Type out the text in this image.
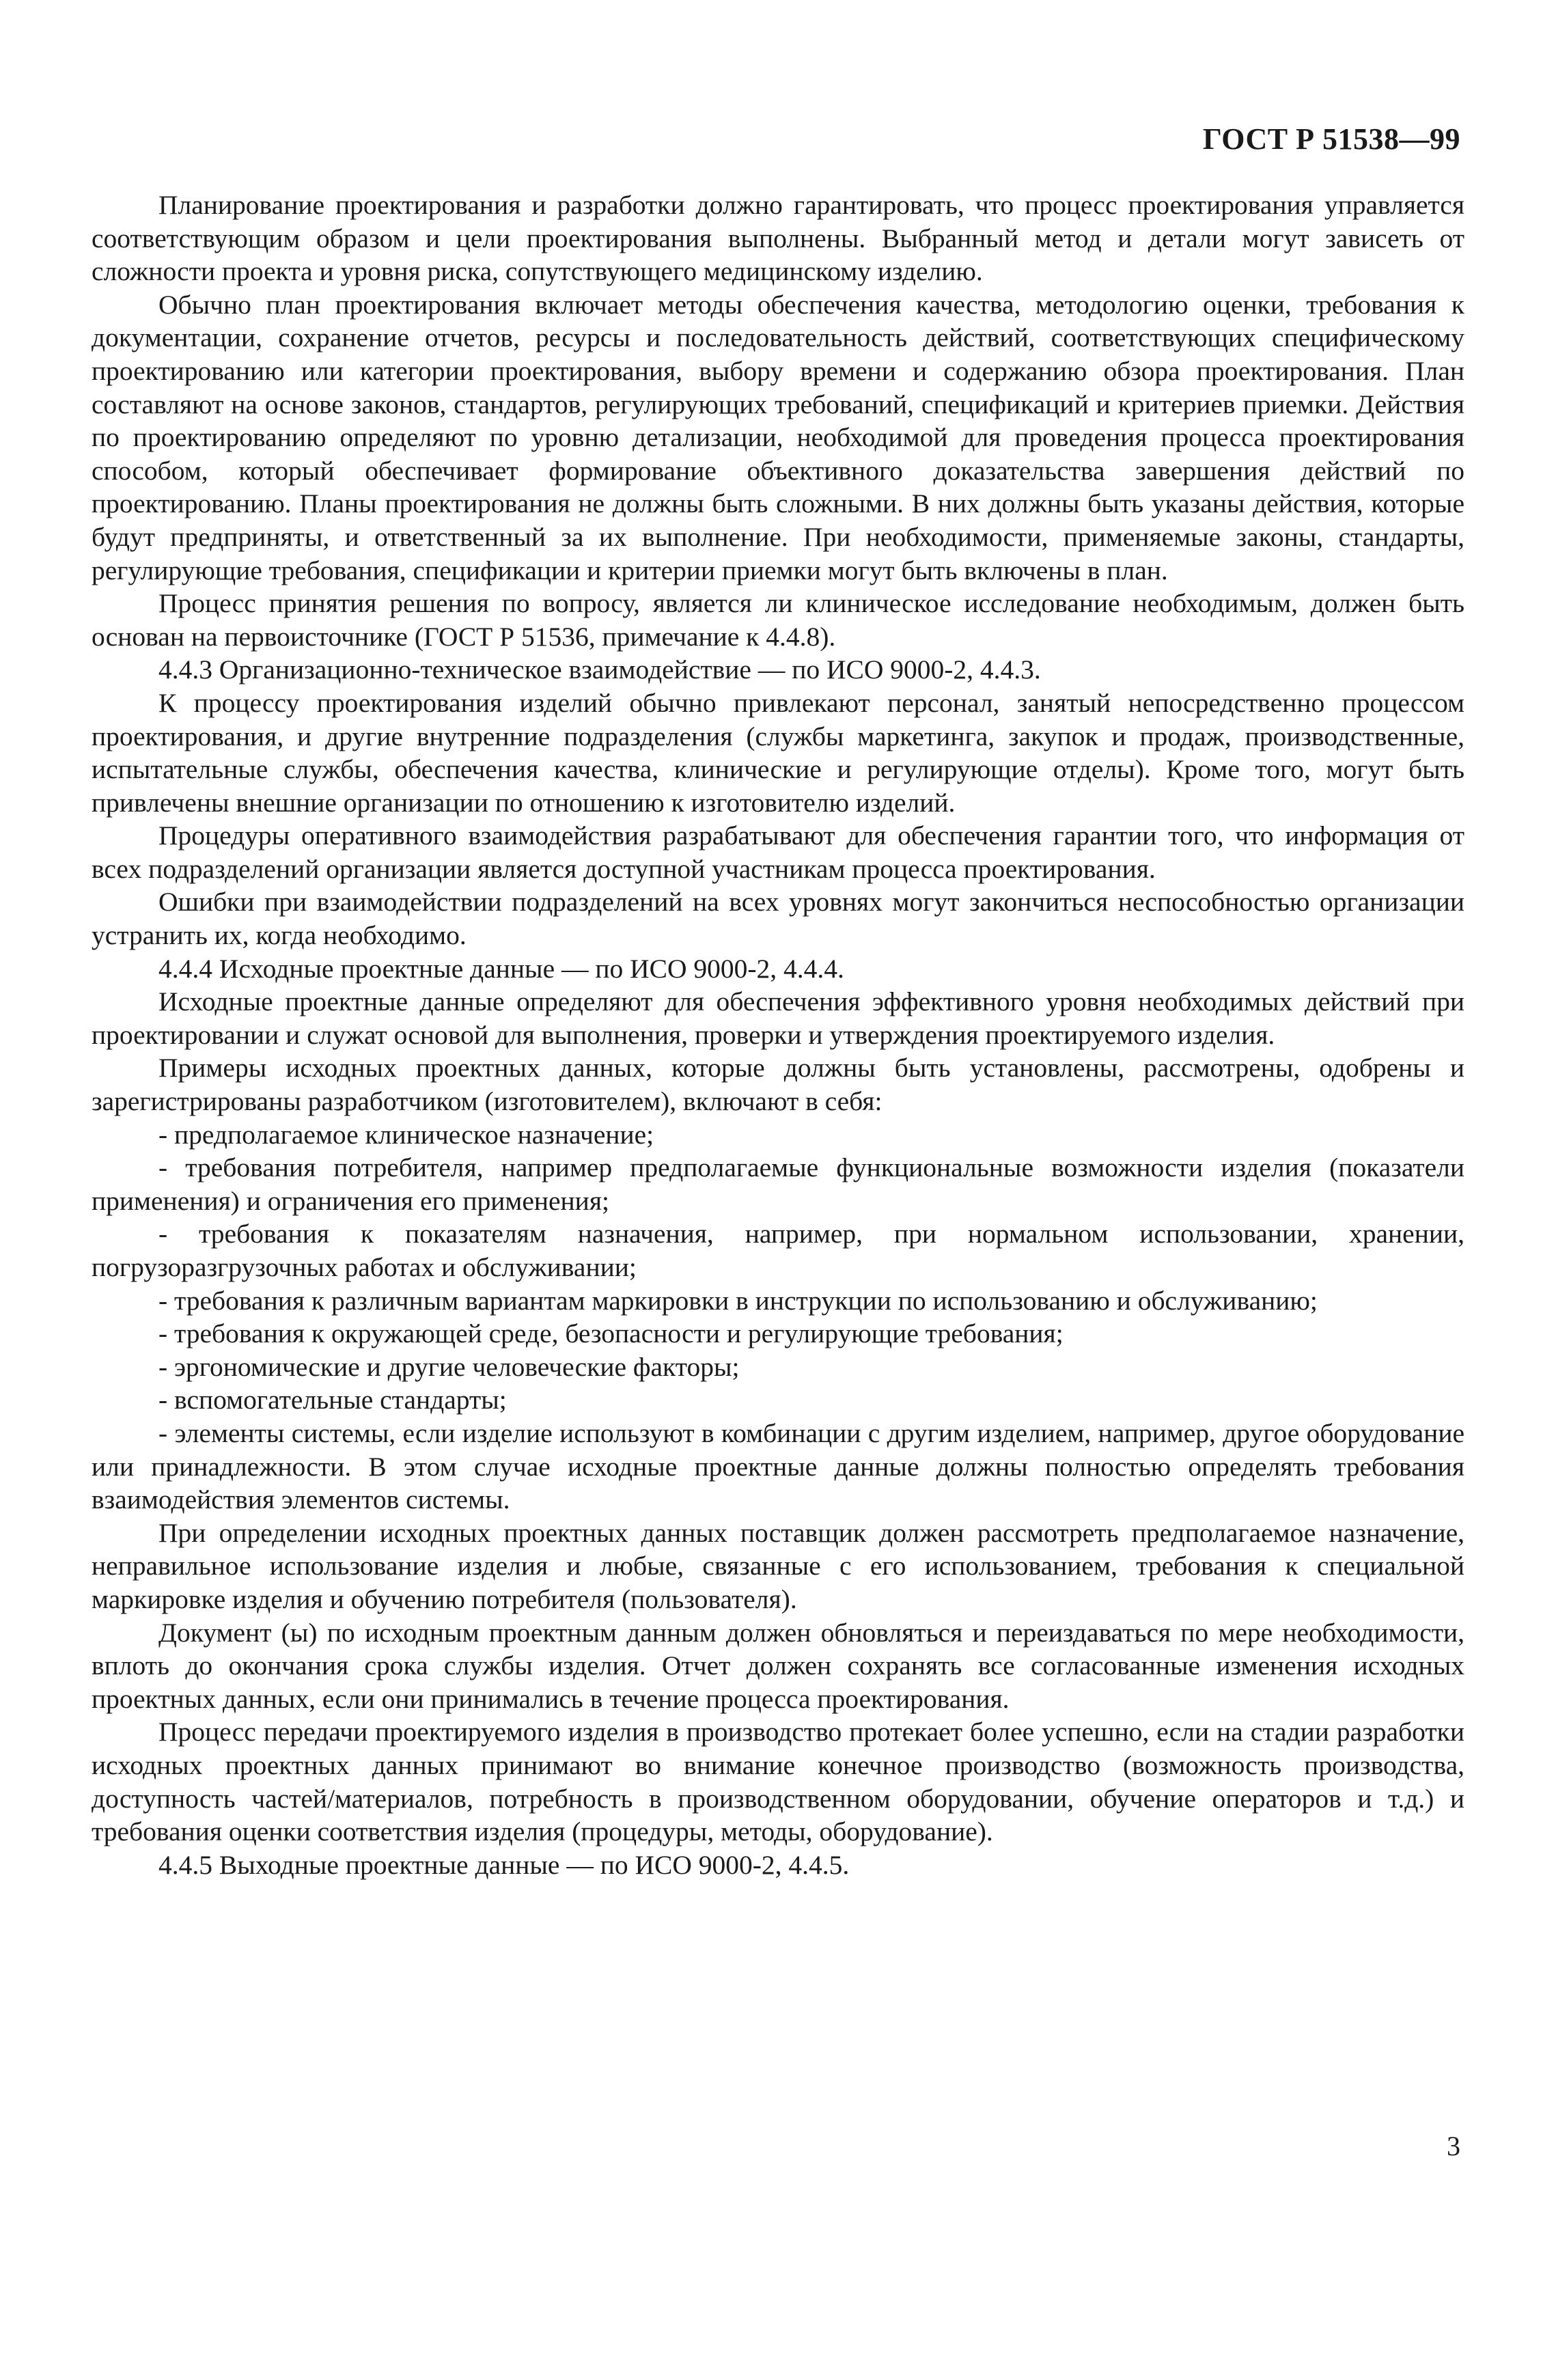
ГОСТ Р 51538—99

Планирование проектирования и разработки должно гарантировать, что процесс проектирования управляется соответствующим образом и цели проектирования выполнены. Выбранный метод и детали могут зависеть от сложности проекта и уровня риска, сопутствующего медицинскому изделию.

Обычно план проектирования включает методы обеспечения качества, методологию оценки, требования к документации, сохранение отчетов, ресурсы и последовательность действий, соответствующих специфическому проектированию или категории проектирования, выбору времени и содержанию обзора проектирования. План составляют на основе законов, стандартов, регулирующих требований, спецификаций и критериев приемки. Действия по проектированию определяют по уровню детализации, необходимой для проведения процесса проектирования способом, который обеспечивает формирование объективного доказательства завершения действий по проектированию. Планы проектирования не должны быть сложными. В них должны быть указаны действия, которые будут предприняты, и ответственный за их выполнение. При необходимости, применяемые законы, стандарты, регулирующие требования, спецификации и критерии приемки могут быть включены в план.

Процесс принятия решения по вопросу, является ли клиническое исследование необходимым, должен быть основан на первоисточнике (ГОСТ Р 51536, примечание к 4.4.8).

4.4.3 Организационно-техническое взаимодействие — по ИСО 9000-2, 4.4.3.

К процессу проектирования изделий обычно привлекают персонал, занятый непосредственно процессом проектирования, и другие внутренние подразделения (службы маркетинга, закупок и продаж, производственные, испытательные службы, обеспечения качества, клинические и регулирующие отделы). Кроме того, могут быть привлечены внешние организации по отношению к изготовителю изделий.

Процедуры оперативного взаимодействия разрабатывают для обеспечения гарантии того, что информация от всех подразделений организации является доступной участникам процесса проектирования.

Ошибки при взаимодействии подразделений на всех уровнях могут закончиться неспособностью организации устранить их, когда необходимо.

4.4.4 Исходные проектные данные — по ИСО 9000-2, 4.4.4.

Исходные проектные данные определяют для обеспечения эффективного уровня необходимых действий при проектировании и служат основой для выполнения, проверки и утверждения проектируемого изделия.

Примеры исходных проектных данных, которые должны быть установлены, рассмотрены, одобрены и зарегистрированы разработчиком (изготовителем), включают в себя:

- предполагаемое клиническое назначение;

- требования потребителя, например предполагаемые функциональные возможности изделия (показатели применения) и ограничения его применения;

- требования к показателям назначения, например, при нормальном использовании, хранении, погрузоразгрузочных работах и обслуживании;

- требования к различным вариантам маркировки в инструкции по использованию и обслуживанию;

- требования к окружающей среде, безопасности и регулирующие требования;

- эргономические и другие человеческие факторы;

- вспомогательные стандарты;

- элементы системы, если изделие используют в комбинации с другим изделием, например, другое оборудование или принадлежности. В этом случае исходные проектные данные должны полностью определять требования взаимодействия элементов системы.

При определении исходных проектных данных поставщик должен рассмотреть предполагаемое назначение, неправильное использование изделия и любые, связанные с его использованием, требования к специальной маркировке изделия и обучению потребителя (пользователя).

Документ (ы) по исходным проектным данным должен обновляться и переиздаваться по мере необходимости, вплоть до окончания срока службы изделия. Отчет должен сохранять все согласованные изменения исходных проектных данных, если они принимались в течение процесса проектирования.

Процесс передачи проектируемого изделия в производство протекает более успешно, если на стадии разработки исходных проектных данных принимают во внимание конечное производство (возможность производства, доступность частей/материалов, потребность в производственном оборудовании, обучение операторов и т.д.) и требования оценки соответствия изделия (процедуры, методы, оборудование).

4.4.5 Выходные проектные данные — по ИСО 9000-2, 4.4.5.

3
